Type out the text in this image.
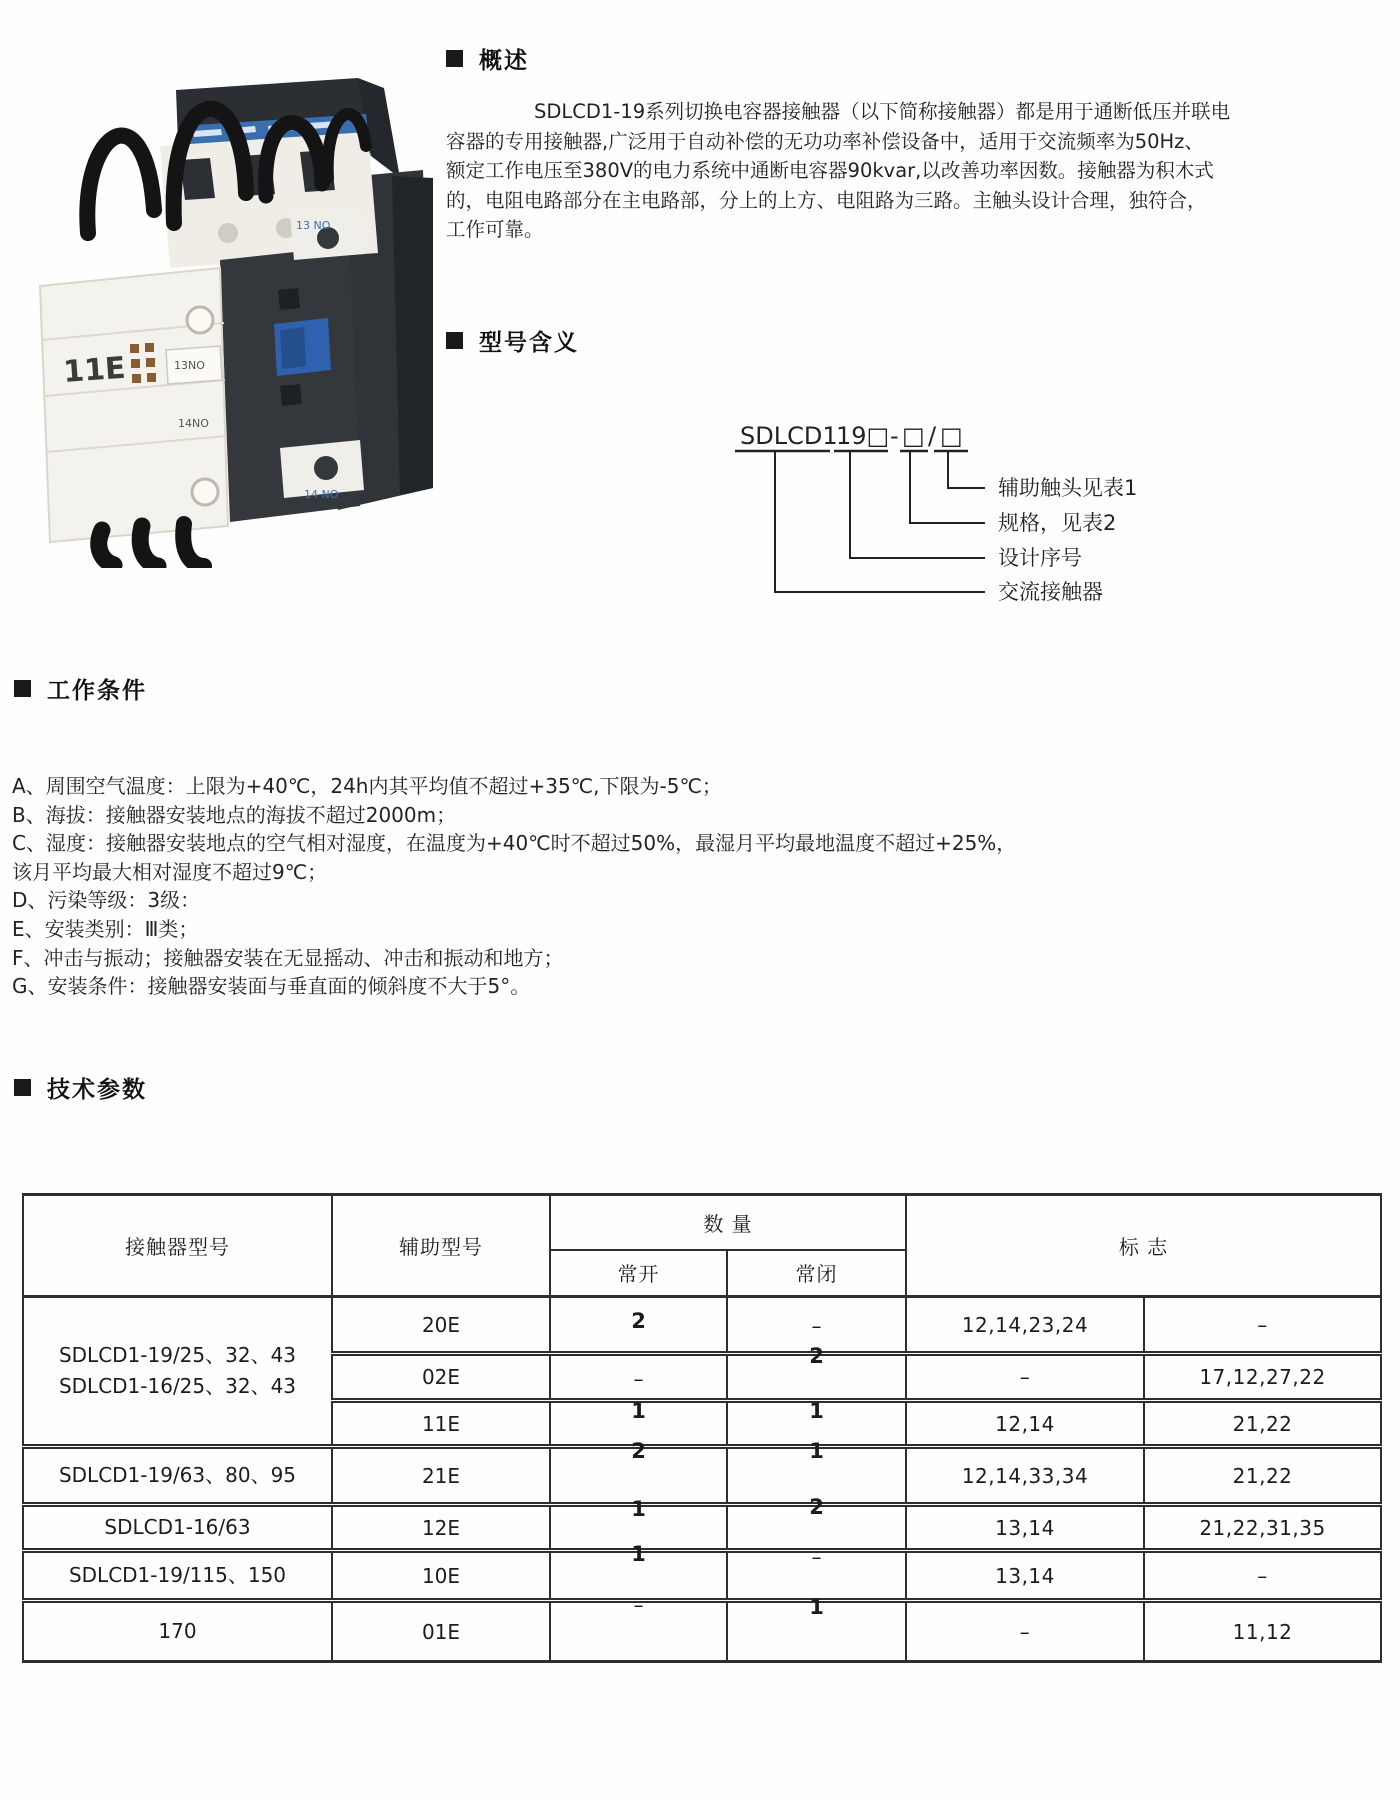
13 NO
14 NO
11E	13NO
14NO
概述
SDLCD1-19系列切换电容器接触器（以下简称接触器）都是用于通断低压并联电
容器的专用接触器,广泛用于自动补偿的无功功率补偿设备中，适用于交流频率为50Hz、
额定工作电压至380V的电力系统中通断电容器90kvar,以改善功率因数。接触器为积木式
的，电阻电路部分在主电路部，分上的上方、电阻路为三路。主触头设计合理，独符合，
工作可靠。
型号含义
SDLCD1
19□ - □ / □
辅助触头见表1
规格，见表2
设计序号
交流接触器
工作条件
A、周围空气温度：上限为+40℃，24h内其平均值不超过+35℃,下限为-5℃；
B、海拔：接触器安装地点的海拔不超过2000m；
C、湿度：接触器安装地点的空气相对湿度，在温度为+40℃时不超过50%，最湿月平均最地温度不超过+25%，
该月平均最大相对湿度不超过9℃；
D、污染等级：3级：
E、安装类别：Ⅲ类；
F、冲击与振动；接触器安装在无显摇动、冲击和振动和地方；
G、安装条件：接触器安装面与垂直面的倾斜度不大于5°。
技术参数
接触器型号	辅助型号	数 量		标 志	
		常开	常闭		

SDLCD1-19/25、32、43
SDLCD1-16/25、32、43	20E	2	–	12,14,23,24	–
	02E	–	2	–	17,12,27,22
	11E	1	1	12,14	21,22

SDLCD1-19/63、80、95	21E	2	1	12,14,33,34	21,22

SDLCD1-16/63	12E	1	2	13,14	21,22,31,35

SDLCD1-19/115、150	10E	1	–	13,14	–

170	01E	–	1	–	11,12
